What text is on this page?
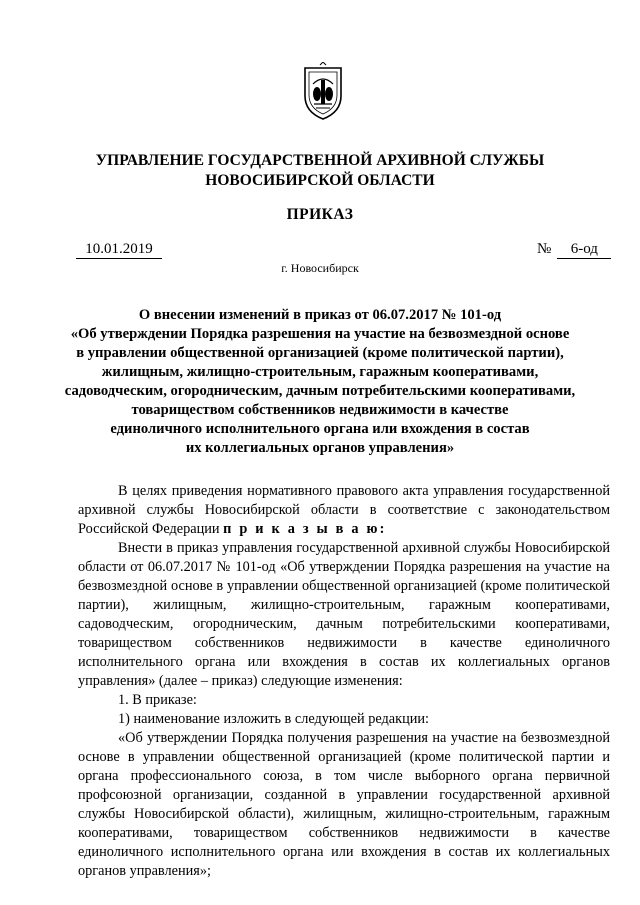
УПРАВЛЕНИЕ ГОСУДАРСТВЕННОЙ АРХИВНОЙ СЛУЖБЫ
НОВОСИБИРСКОЙ ОБЛАСТИ
ПРИКАЗ
10.01.2019	№ 6-од
г. Новосибирск
О внесении изменений в приказ от 06.07.2017 № 101-од
«Об утверждении Порядка разрешения на участие на безвозмездной основе
в управлении общественной организацией (кроме политической партии),
жилищным, жилищно-строительным, гаражным кооперативами,
садоводческим, огородническим, дачным потребительскими кооперативами,
товариществом собственников недвижимости в качестве
единоличного исполнительного органа или вхождения в состав
их коллегиальных органов управления»

В целях приведения нормативного правового акта управления государственной архивной службы Новосибирской области в соответствие с законодательством Российской Федерации п р и к а з ы в а ю:

Внести в приказ управления государственной архивной службы Новосибирской области от 06.07.2017 № 101-од «Об утверждении Порядка разрешения на участие на безвозмездной основе в управлении общественной организацией (кроме политической партии), жилищным, жилищно-строительным, гаражным кооперативами, садоводческим, огородническим, дачным потребительскими кооперативами, товариществом собственников недвижимости в качестве единоличного исполнительного органа или вхождения в состав их коллегиальных органов управления» (далее – приказ) следующие изменения:

1. В приказе:

1) наименование изложить в следующей редакции:

«Об утверждении Порядка получения разрешения на участие на безвозмездной основе в управлении общественной организацией (кроме политической партии и органа профессионального союза, в том числе выборного органа первичной профсоюзной организации, созданной в управлении государственной архивной службы Новосибирской области), жилищным, жилищно-строительным, гаражным кооперативами, товариществом собственников недвижимости в качестве единоличного исполнительного органа или вхождения в состав их коллегиальных органов управления»;
